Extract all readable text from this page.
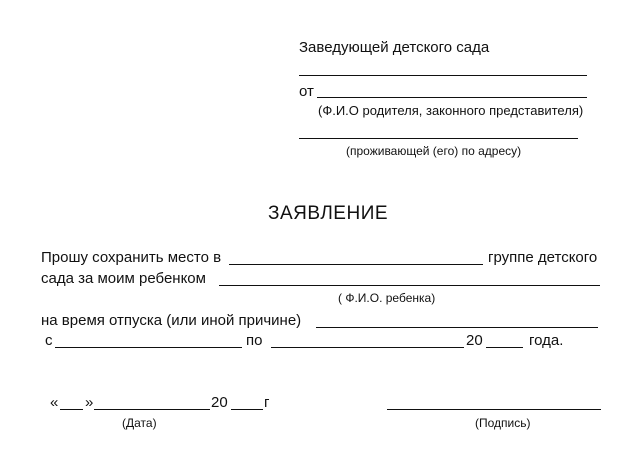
Заведующей детского сада
от
(Ф.И.О родителя, законного представителя)
(проживающей (его) по адресу)
ЗАЯВЛЕНИЕ
Прошу сохранить место в	группе детского
сада за моим ребенком
( Ф.И.О. ребенка)
на время отпуска (или иной причине)
с	по	20	года.
« »	20 г
(Дата)	(Подпись)
